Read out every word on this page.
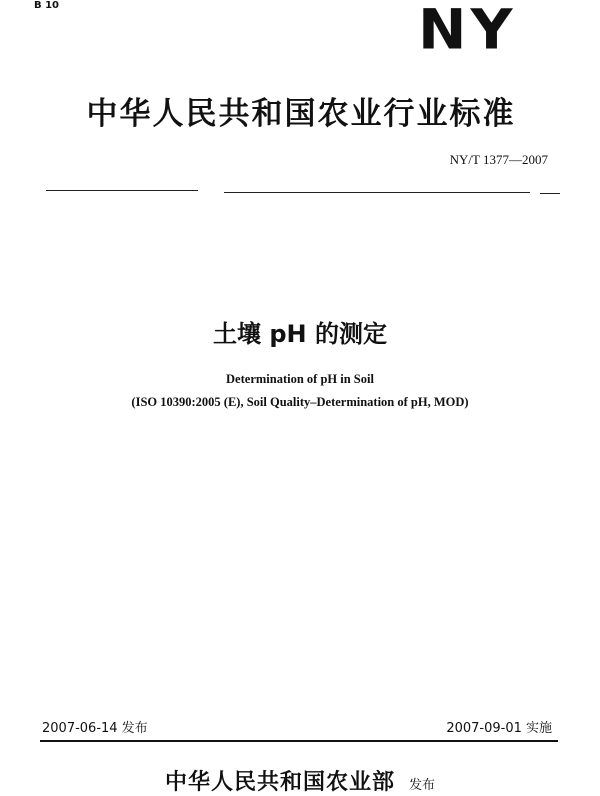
B 10	NY
中华人民共和国农业行业标准
NY/T 1377—2007
土壤 pH 的测定
Determination of pH in Soil
(ISO 10390:2005 (E), Soil Quality–Determination of pH, MOD)
2007-06-14 发布	2007-09-01 实施
中华人民共和国农业部 发布
